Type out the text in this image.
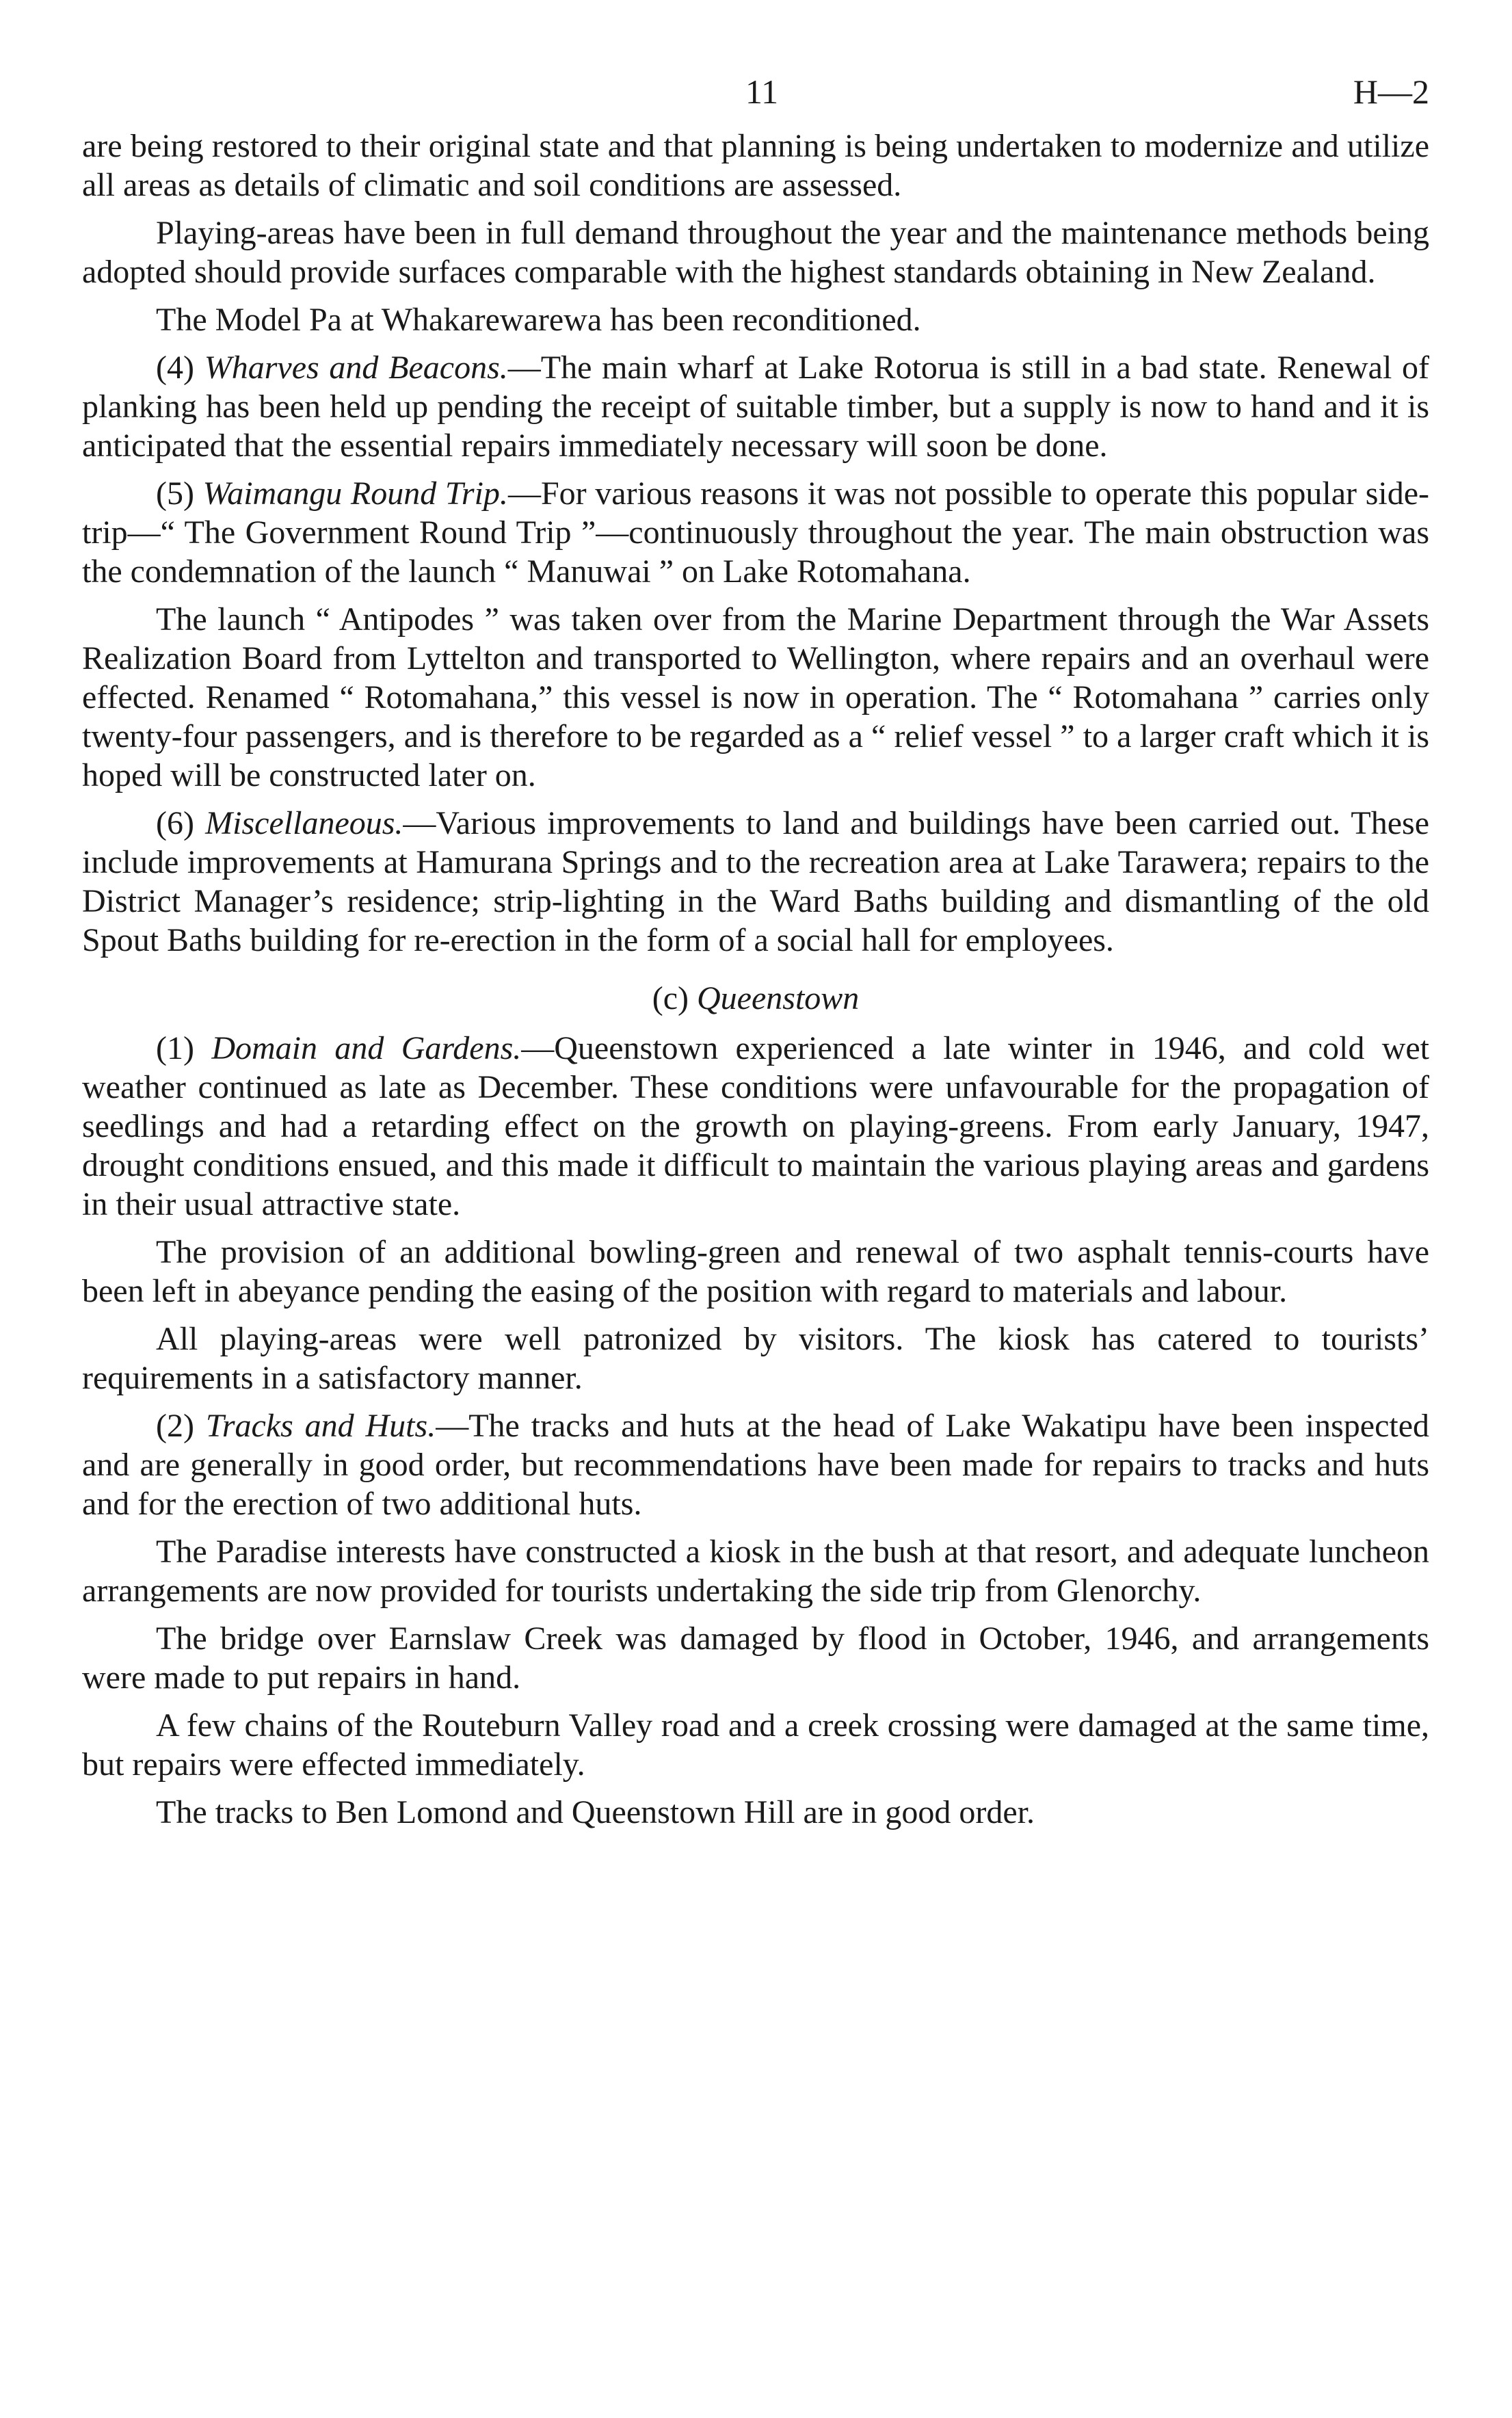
11	H—2

are being restored to their original state and that planning is being undertaken to modernize and utilize all areas as details of climatic and soil conditions are assessed.

Playing-areas have been in full demand throughout the year and the maintenance methods being adopted should provide surfaces comparable with the highest standards obtaining in New Zealand.

The Model Pa at Whakarewarewa has been reconditioned.

(4) Wharves and Beacons.—The main wharf at Lake Rotorua is still in a bad state. Renewal of planking has been held up pending the receipt of suitable timber, but a supply is now to hand and it is anticipated that the essential repairs immediately necessary will soon be done.

(5) Waimangu Round Trip.—For various reasons it was not possible to operate this popular side-trip—“ The Government Round Trip ”—continuously throughout the year. The main obstruction was the condemnation of the launch “ Manuwai ” on Lake Rotomahana.

The launch “ Antipodes ” was taken over from the Marine Department through the War Assets Realization Board from Lyttelton and transported to Wellington, where repairs and an overhaul were effected. Renamed “ Rotomahana,” this vessel is now in operation. The “ Rotomahana ” carries only twenty-four passengers, and is therefore to be regarded as a “ relief vessel ” to a larger craft which it is hoped will be constructed later on.

(6) Miscellaneous.—Various improvements to land and buildings have been carried out. These include improvements at Hamurana Springs and to the recreation area at Lake Tarawera; repairs to the District Manager’s residence; strip-lighting in the Ward Baths building and dismantling of the old Spout Baths building for re-erection in the form of a social hall for employees.

(c) Queenstown

(1) Domain and Gardens.—Queenstown experienced a late winter in 1946, and cold wet weather continued as late as December. These conditions were unfavourable for the propagation of seedlings and had a retarding effect on the growth on playing-greens. From early January, 1947, drought conditions ensued, and this made it difficult to maintain the various playing areas and gardens in their usual attractive state.

The provision of an additional bowling-green and renewal of two asphalt tennis-courts have been left in abeyance pending the easing of the position with regard to materials and labour.

All playing-areas were well patronized by visitors. The kiosk has catered to tourists’ requirements in a satisfactory manner.

(2) Tracks and Huts.—The tracks and huts at the head of Lake Wakatipu have been inspected and are generally in good order, but recommendations have been made for repairs to tracks and huts and for the erection of two additional huts.

The Paradise interests have constructed a kiosk in the bush at that resort, and adequate luncheon arrangements are now provided for tourists undertaking the side trip from Glenorchy.

The bridge over Earnslaw Creek was damaged by flood in October, 1946, and arrangements were made to put repairs in hand.

A few chains of the Routeburn Valley road and a creek crossing were damaged at the same time, but repairs were effected immediately.

The tracks to Ben Lomond and Queenstown Hill are in good order.
